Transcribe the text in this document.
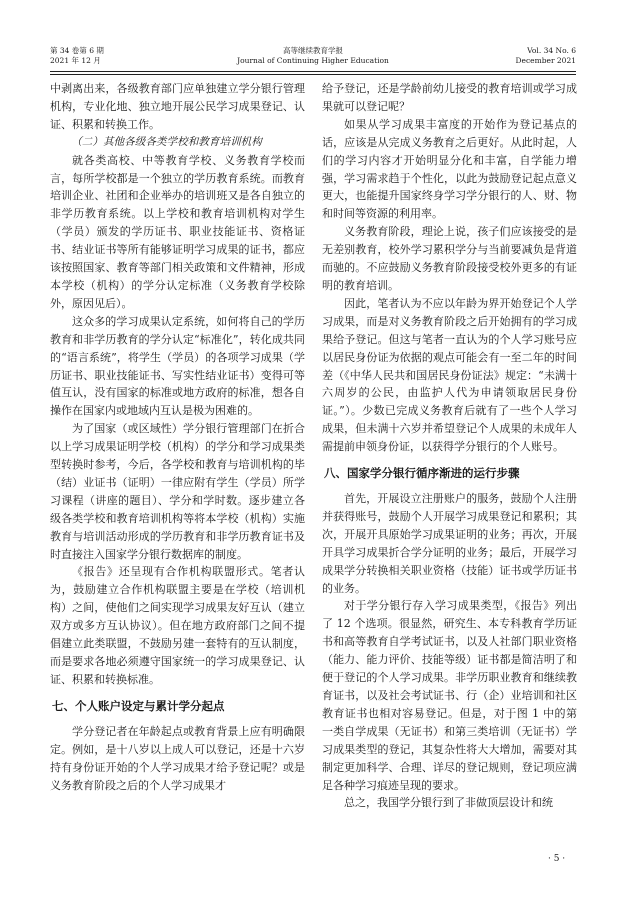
第 34 卷第 6 期
2021 年 12 月
高等继续教育学报
Journal of Continuing Higher Education
Vol. 34 No. 6
December 2021

中剥离出来，各级教育部门应单独建立学分银行管理机构，专业化地、独立地开展公民学习成果登记、认证、积累和转换工作。

（二）其他各级各类学校和教育培训机构

就各类高校、中等教育学校、义务教育学校而言，每所学校都是一个独立的学历教育系统。而教育培训企业、社团和企业举办的培训班又是各自独立的非学历教育系统。以上学校和教育培训机构对学生（学员）颁发的学历证书、职业技能证书、资格证书、结业证书等所有能够证明学习成果的证书，都应该按照国家、教育等部门相关政策和文件精神，形成本学校（机构）的学分认定标准（义务教育学校除外，原因见后）。

这众多的学习成果认定系统，如何将自己的学历教育和非学历教育的学分认定“标准化”，转化成共同的“语言系统”，将学生（学员）的各项学习成果（学历证书、职业技能证书、写实性结业证书）变得可等值互认，没有国家的标准或地方政府的标准，想各自操作在国家内或地域内互认是极为困难的。

为了国家（或区域性）学分银行管理部门在折合以上学习成果证明学校（机构）的学分和学习成果类型转换时参考，今后，各学校和教育与培训机构的毕（结）业证书（证明）一律应附有学生（学员）所学习课程（讲座的题目）、学分和学时数。逐步建立各级各类学校和教育培训机构等将本学校（机构）实施教育与培训活动形成的学历教育和非学历教育证书及时直接注入国家学分银行数据库的制度。

《报告》还呈现有合作机构联盟形式。笔者认为，鼓励建立合作机构联盟主要是在学校（培训机构）之间，使他们之间实现学习成果友好互认（建立双方或多方互认协议）。但在地方政府部门之间不提倡建立此类联盟，不鼓励另建一套特有的互认制度，而是要求各地必须遵守国家统一的学习成果登记、认证、积累和转换标准。

七、个人账户设定与累计学分起点

学分登记者在年龄起点或教育背景上应有明确限定。例如，是十八岁以上成人可以登记，还是十六岁持有身份证开始的个人学习成果才给予登记呢？或是义务教育阶段之后的个人学习成果才

给予登记，还是学龄前幼儿接受的教育培训或学习成果就可以登记呢？

如果从学习成果丰富度的开始作为登记基点的话，应该是从完成义务教育之后更好。从此时起，人们的学习内容才开始明显分化和丰富，自学能力增强，学习需求趋于个性化，以此为鼓励登记起点意义更大，也能提升国家终身学习学分银行的人、财、物和时间等资源的利用率。

义务教育阶段，理论上说，孩子们应该接受的是无差别教育，校外学习累积学分与当前要减负是背道而驰的。不应鼓励义务教育阶段接受校外更多的有证明的教育培训。

因此，笔者认为不应以年龄为界开始登记个人学习成果，而是对义务教育阶段之后开始拥有的学习成果给予登记。但这与笔者一直认为的个人学习账号应以居民身份证为依据的观点可能会有一至二年的时间差（《中华人民共和国居民身份证法》规定：“未满十六周岁的公民，由监护人代为申请领取居民身份证。”）。少数已完成义务教育后就有了一些个人学习成果，但未满十六岁并希望登记个人成果的未成年人需提前申领身份证，以获得学分银行的个人账号。

八、国家学分银行循序渐进的运行步骤

首先，开展设立注册账户的服务，鼓励个人注册并获得账号，鼓励个人开展学习成果登记和累积；其次，开展开具原始学习成果证明的业务；再次，开展开具学习成果折合学分证明的业务；最后，开展学习成果学分转换相关职业资格（技能）证书或学历证书的业务。

对于学分银行存入学习成果类型，《报告》列出了 12 个选项。很显然，研究生、本专科教育学历证书和高等教育自学考试证书，以及人社部门职业资格（能力、能力评价、技能等级）证书都是简洁明了和便于登记的个人学习成果。非学历职业教育和继续教育证书，以及社会考试证书、行（企）业培训和社区教育证书也相对容易登记。但是，对于图 1 中的第一类自学成果（无证书）和第三类培训（无证书）学习成果类型的登记，其复杂性将大大增加，需要对其制定更加科学、合理、详尽的登记规则，登记项应满足各种学习痕迹呈现的要求。

总之，我国学分银行到了非做顶层设计和统

· 5 ·
